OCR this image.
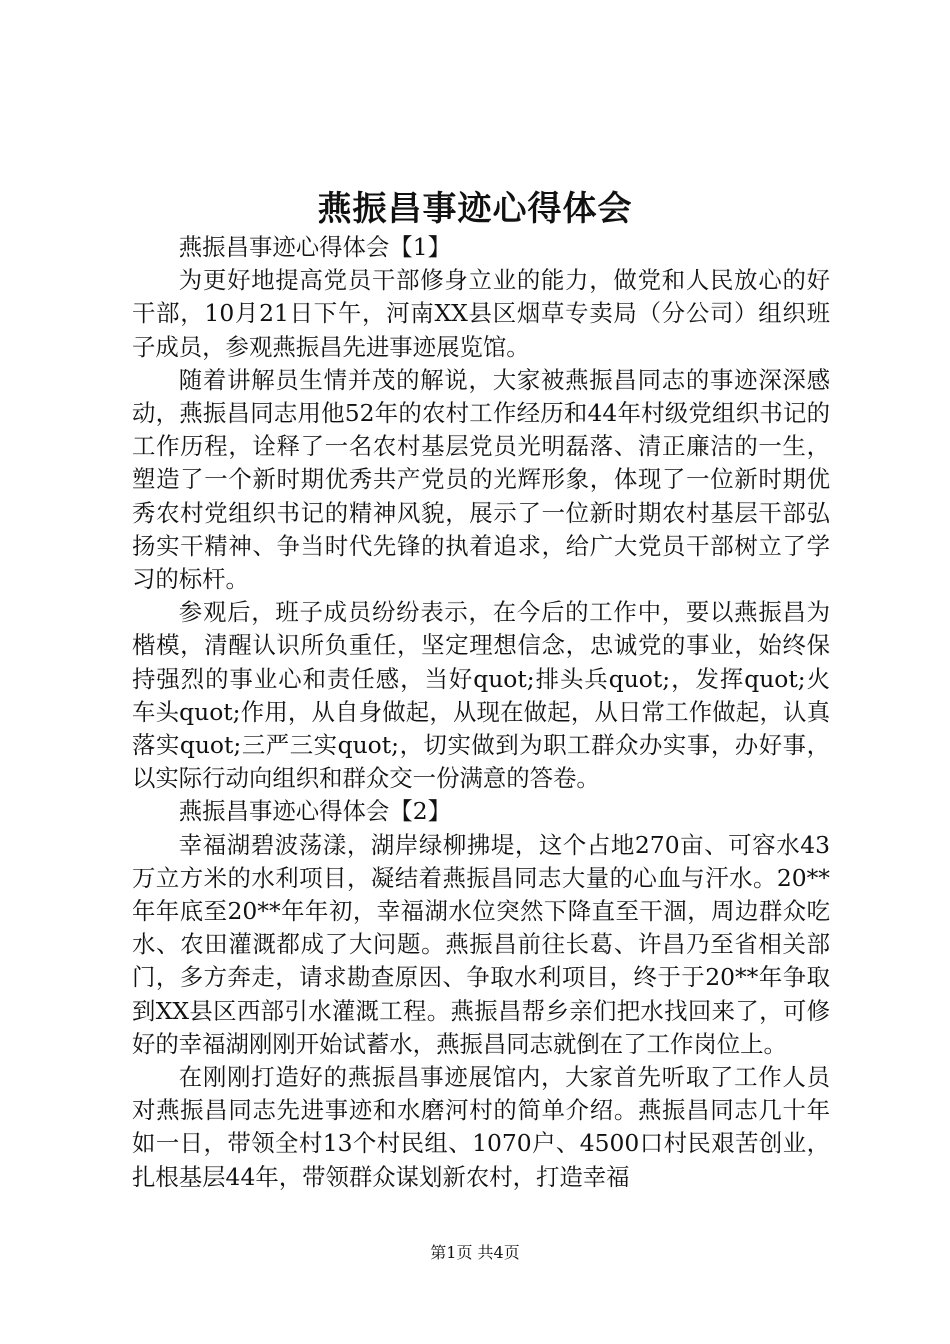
燕振昌事迹心得体会

燕振昌事迹心得体会【1】

为更好地提高党员干部修身立业的能力，做党和人民放心的好干部，10月21日下午，河南XX县区烟草专卖局（分公司）组织班子成员，参观燕振昌先进事迹展览馆。

随着讲解员生情并茂的解说，大家被燕振昌同志的事迹深深感动，燕振昌同志用他52年的农村工作经历和44年村级党组织书记的工作历程，诠释了一名农村基层党员光明磊落、清正廉洁的一生，塑造了一个新时期优秀共产党员的光辉形象，体现了一位新时期优秀农村党组织书记的精神风貌，展示了一位新时期农村基层干部弘扬实干精神、争当时代先锋的执着追求，给广大党员干部树立了学习的标杆。

参观后，班子成员纷纷表示，在今后的工作中，要以燕振昌为楷模，清醒认识所负重任，坚定理想信念，忠诚党的事业，始终保持强烈的事业心和责任感，当好quot;排头兵quot;，发挥quot;火车头quot;作用，从自身做起，从现在做起，从日常工作做起，认真落实quot;三严三实quot;，切实做到为职工群众办实事，办好事，以实际行动向组织和群众交一份满意的答卷。

燕振昌事迹心得体会【2】

幸福湖碧波荡漾，湖岸绿柳拂堤，这个占地270亩、可容水43万立方米的水利项目，凝结着燕振昌同志大量的心血与汗水。20**年年底至20**年年初，幸福湖水位突然下降直至干涸，周边群众吃水、农田灌溉都成了大问题。燕振昌前往长葛、许昌乃至省相关部门，多方奔走，请求勘查原因、争取水利项目，终于于20**年争取到XX县区西部引水灌溉工程。燕振昌帮乡亲们把水找回来了，可修好的幸福湖刚刚开始试蓄水，燕振昌同志就倒在了工作岗位上。

在刚刚打造好的燕振昌事迹展馆内，大家首先听取了工作人员对燕振昌同志先进事迹和水磨河村的简单介绍。燕振昌同志几十年如一日，带领全村13个村民组、1070户、4500口村民艰苦创业，扎根基层44年，带领群众谋划新农村，打造幸福

第1页 共4页
